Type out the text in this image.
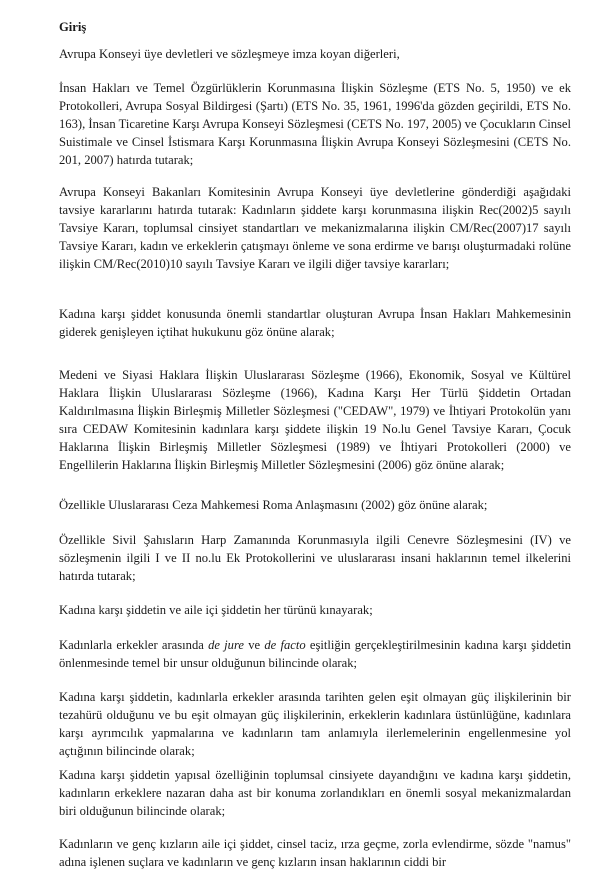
Giriş

Avrupa Konseyi üye devletleri ve sözleşmeye imza koyan diğerleri,

İnsan Hakları ve Temel Özgürlüklerin Korunmasına İlişkin Sözleşme (ETS No. 5, 1950) ve ek Protokolleri, Avrupa Sosyal Bildirgesi (Şartı) (ETS No. 35, 1961, 1996'da gözden geçirildi, ETS No. 163), İnsan Ticaretine Karşı Avrupa Konseyi Sözleşmesi (CETS No. 197, 2005) ve Çocukların Cinsel Suistimale ve Cinsel İstismara Karşı Korunmasına İlişkin Avrupa Konseyi Sözleşmesini (CETS No. 201, 2007) hatırda tutarak;

Avrupa Konseyi Bakanları Komitesinin Avrupa Konseyi üye devletlerine gönderdiği aşağıdaki tavsiye kararlarını hatırda tutarak: Kadınların şiddete karşı korunmasına ilişkin Rec(2002)5 sayılı Tavsiye Kararı, toplumsal cinsiyet standartları ve mekanizmalarına ilişkin CM/Rec(2007)17 sayılı Tavsiye Kararı, kadın ve erkeklerin çatışmayı önleme ve sona erdirme ve barışı oluşturmadaki rolüne ilişkin CM/Rec(2010)10 sayılı Tavsiye Kararı ve ilgili diğer tavsiye kararları;

Kadına karşı şiddet konusunda önemli standartlar oluşturan Avrupa İnsan Hakları Mahkemesinin giderek genişleyen içtihat hukukunu göz önüne alarak;

Medeni ve Siyasi Haklara İlişkin Uluslararası Sözleşme (1966), Ekonomik, Sosyal ve Kültürel Haklara İlişkin Uluslararası Sözleşme (1966), Kadına Karşı Her Türlü Şiddetin Ortadan Kaldırılmasına İlişkin Birleşmiş Milletler Sözleşmesi ("CEDAW", 1979) ve İhtiyari Protokolün yanı sıra CEDAW Komitesinin kadınlara karşı şiddete ilişkin 19 No.lu Genel Tavsiye Kararı, Çocuk Haklarına İlişkin Birleşmiş Milletler Sözleşmesi (1989) ve İhtiyari Protokolleri (2000) ve Engellilerin Haklarına İlişkin Birleşmiş Milletler Sözleşmesini (2006) göz önüne alarak;

Özellikle Uluslararası Ceza Mahkemesi Roma Anlaşmasını (2002) göz önüne alarak;

Özellikle Sivil Şahısların Harp Zamanında Korunmasıyla ilgili Cenevre Sözleşmesini (IV) ve sözleşmenin ilgili I ve II no.lu Ek Protokollerini ve uluslararası insani haklarının temel ilkelerini hatırda tutarak;

Kadına karşı şiddetin ve aile içi şiddetin her türünü kınayarak;

Kadınlarla erkekler arasında de jure ve de facto eşitliğin gerçekleştirilmesinin kadına karşı şiddetin önlenmesinde temel bir unsur olduğunun bilincinde olarak;

Kadına karşı şiddetin, kadınlarla erkekler arasında tarihten gelen eşit olmayan güç ilişkilerinin bir tezahürü olduğunu ve bu eşit olmayan güç ilişkilerinin, erkeklerin kadınlara üstünlüğüne, kadınlara karşı ayrımcılık yapmalarına ve kadınların tam anlamıyla ilerlemelerinin engellenmesine yol açtığının bilincinde olarak;

Kadına karşı şiddetin yapısal özelliğinin toplumsal cinsiyete dayandığını ve kadına karşı şiddetin, kadınların erkeklere nazaran daha ast bir konuma zorlandıkları en önemli sosyal mekanizmalardan biri olduğunun bilincinde olarak;

Kadınların ve genç kızların aile içi şiddet, cinsel taciz, ırza geçme, zorla evlendirme, sözde "namus" adına işlenen suçlara ve kadınların ve genç kızların insan haklarının ciddi bir
